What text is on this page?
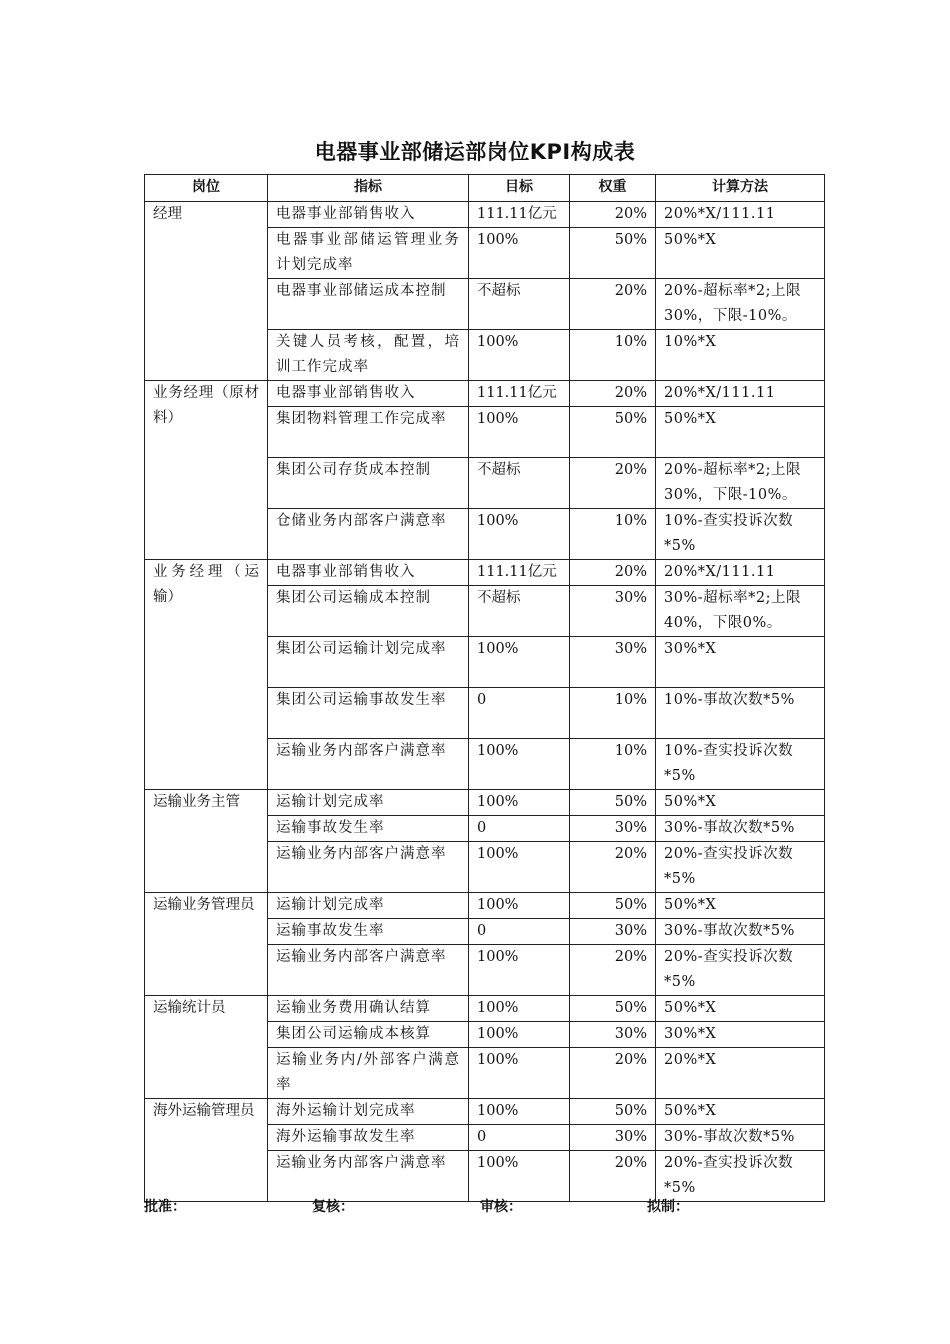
电器事业部储运部岗位KPI构成表
岗位	指标	目标	权重	计算方法
经理	电器事业部销售收入	111.11亿元	20%	20%*X/111.11
	电器事业部储运管理业务计划完成率	100%	50%	50%*X
	电器事业部储运成本控制	不超标	20%	20%-超标率*2;上限30%，下限-10%。
	关键人员考核，配置，培训工作完成率	100%	10%	10%*X
业务经理（原材料）	电器事业部销售收入	111.11亿元	20%	20%*X/111.11
	集团物料管理工作完成率	100%	50%	50%*X
	集团公司存货成本控制	不超标	20%	20%-超标率*2;上限30%，下限-10%。
	仓储业务内部客户满意率	100%	10%	10%-查实投诉次数*5%
业务经理（运输）	电器事业部销售收入	111.11亿元	20%	20%*X/111.11
	集团公司运输成本控制	不超标	30%	30%-超标率*2;上限40%，下限0%。
	集团公司运输计划完成率	100%	30%	30%*X
	集团公司运输事故发生率	0	10%	10%-事故次数*5%
	运输业务内部客户满意率	100%	10%	10%-查实投诉次数*5%
运输业务主管	运输计划完成率	100%	50%	50%*X
	运输事故发生率	0	30%	30%-事故次数*5%
	运输业务内部客户满意率	100%	20%	20%-查实投诉次数*5%
运输业务管理员	运输计划完成率	100%	50%	50%*X
	运输事故发生率	0	30%	30%-事故次数*5%
	运输业务内部客户满意率	100%	20%	20%-查实投诉次数*5%
运输统计员	运输业务费用确认结算	100%	50%	50%*X
	集团公司运输成本核算	100%	30%	30%*X
	运输业务内/外部客户满意率	100%	20%	20%*X
海外运输管理员	海外运输计划完成率	100%	50%	50%*X
	海外运输事故发生率	0	30%	30%-事故次数*5%
	运输业务内部客户满意率	100%	20%	20%-查实投诉次数*5%
批准：	复核：	审核：	拟制：
